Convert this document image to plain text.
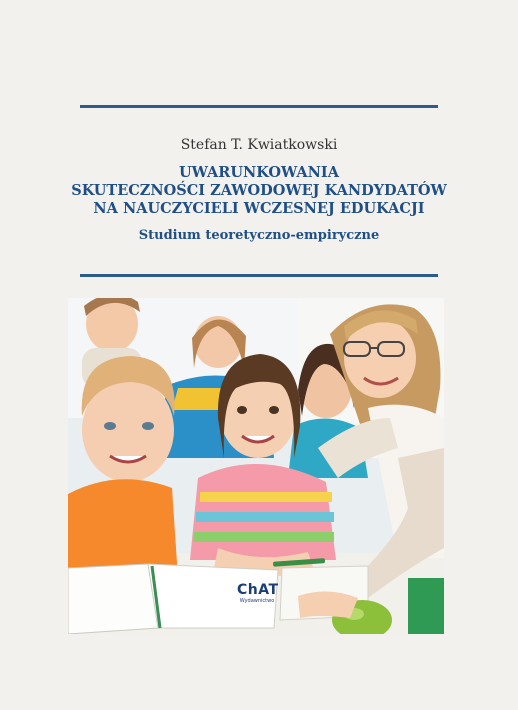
Stefan T. Kwiatkowski
UWARUNKOWANIA
SKUTECZNOŚCI ZAWODOWEJ KANDYDATÓW
NA NAUCZYCIELI WCZESNEJ EDUKACJI
Studium teoretyczno-empiryczne
ChAT
Wydawnictwo
